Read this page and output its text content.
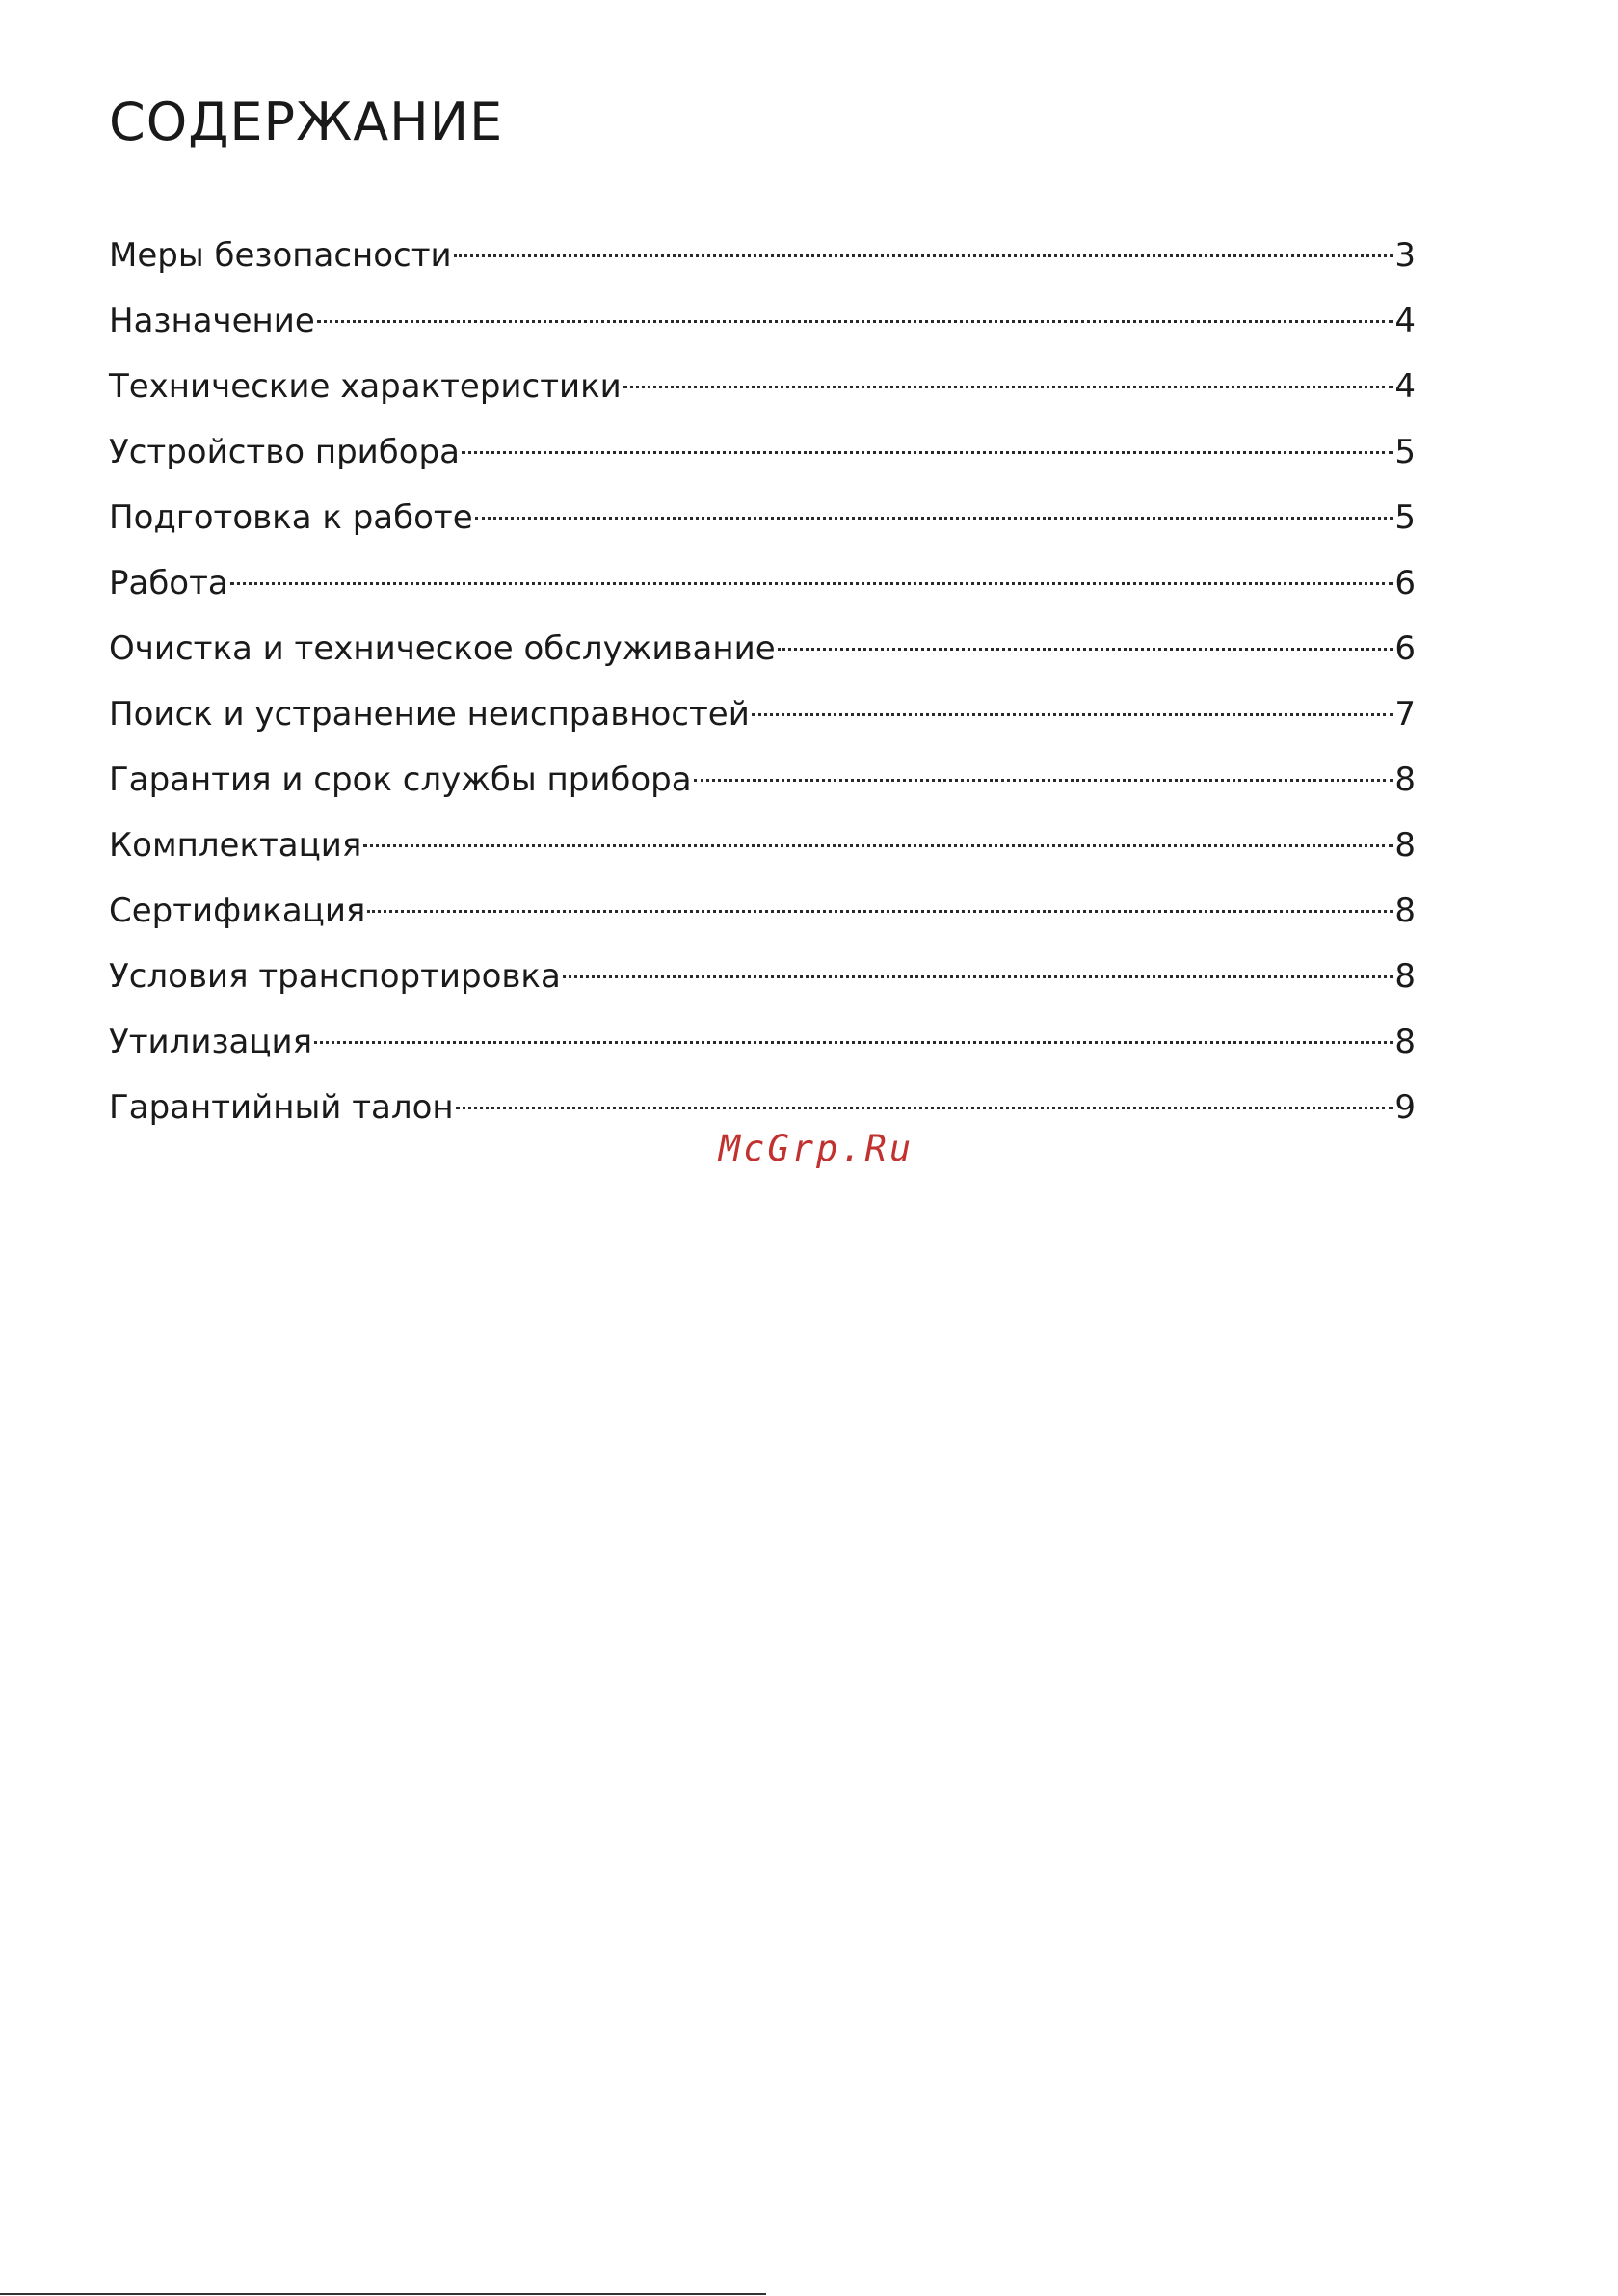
СОДЕРЖАНИЕ
Меры безопасности	3
Назначение	4
Технические характеристики	4
Устройство прибора	5
Подготовка к работе	5
Работа	6
Очистка и техническое обслуживание	6
Поиск и устранение неисправностей	7
Гарантия и срок службы прибора	8
Комплектация	8
Сертификация	8
Условия транспортировка	8
Утилизация	8
Гарантийный талон	9
McGrp.Ru
